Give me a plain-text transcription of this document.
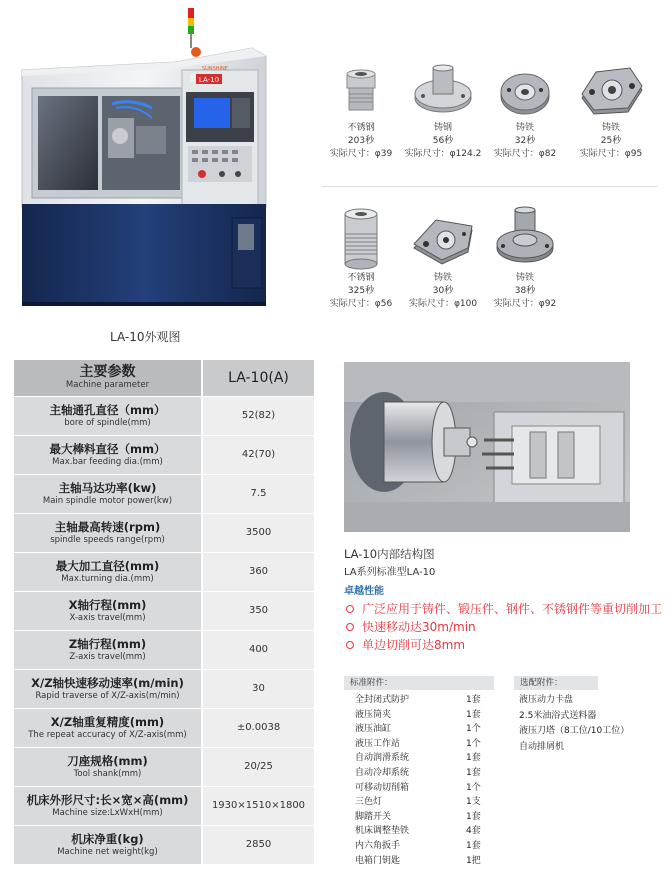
SUNSHINE
LA-10
LA-10外观图
不锈钢
203秒
实际尺寸：φ39
铸钢
56秒
实际尺寸：φ124.2
铸铁
32秒
实际尺寸：φ82
铸铁
25秒
实际尺寸：φ95
不锈钢
325秒
实际尺寸：φ56
铸铁
30秒
实际尺寸：φ100
铸铁
38秒
实际尺寸：φ92
主要参数
Machine parameter	LA-10(A)

主轴通孔直径（mm）
bore of spindle(mm)	52(82)

最大棒料直径（mm）
Max.bar feeding dia.(mm)	42(70)

主轴马达功率(kw)
Main spindle motor power(kw)	7.5

主轴最高转速(rpm)
spindle speeds range(rpm)	3500

最大加工直径(mm)
Max.turning dia.(mm)	360

X轴行程(mm)
X-axis travel(mm)	350

Z轴行程(mm)
Z-axis travel(mm)	400

X/Z轴快速移动速率(m/min)
Rapid traverse of X/Z-axis(m/min)	30

X/Z轴重复精度(mm)
The repeat accuracy of X/Z-axis(mm)	±0.0038

刀座规格(mm)
Tool shank(mm)	20/25

机床外形尺寸:长×宽×高(mm)
Machine size:LxWxH(mm)	1930×1510×1800

机床净重(kg)
Machine net weight(kg)	2850
LA-10内部结构图
LA系列标准型LA-10
卓越性能
广泛应用于铸件、锻压件、钢件、不锈钢件等重切削加工
快速移动达30m/min
单边切削可达8mm
标准附件：	选配附件：
全封闭式防护	1套
液压筒夹	1套
液压油缸	1个
液压工作站	1个
自动润滑系统	1套
自动冷却系统	1套
可移动切削箱	1个
三色灯	1支
脚踏开关	1套
机床调整垫铁	4套
内六角扳手	1套
电箱门钥匙	1把
液压动力卡盘
2.5米油浴式送料器
液压刀塔（8工位/10工位）
自动排屑机
